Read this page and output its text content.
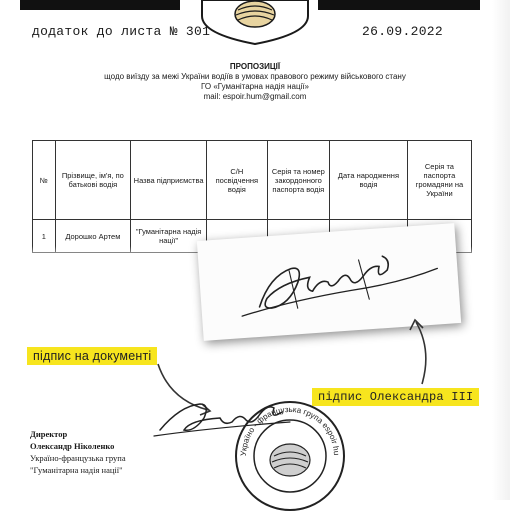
додаток до листа № 301	26.09.2022
ПРОПОЗИЦІЇ
щодо виїзду за межі України водіїв в умовах правового режиму військового стану
ГО «Гуманітарна надія нації»
mail: espoir.hum@gmail.com
№	Прізвище, ім'я, по батькові водія	Назва підприємства	С/Н посвідчення водія	Серія та номер закордонного паспорта водія	Дата народження водія	Серія та паспорта громадяни на України
1	Дорошко Артем	"Гуманітарна надія нації"				
підпис на документі
підпис Олександра III
Директор
Олександр Ніколенко
Україно-французька група
"Гуманітарна надія нації"
Україно - французька група espoir hu
